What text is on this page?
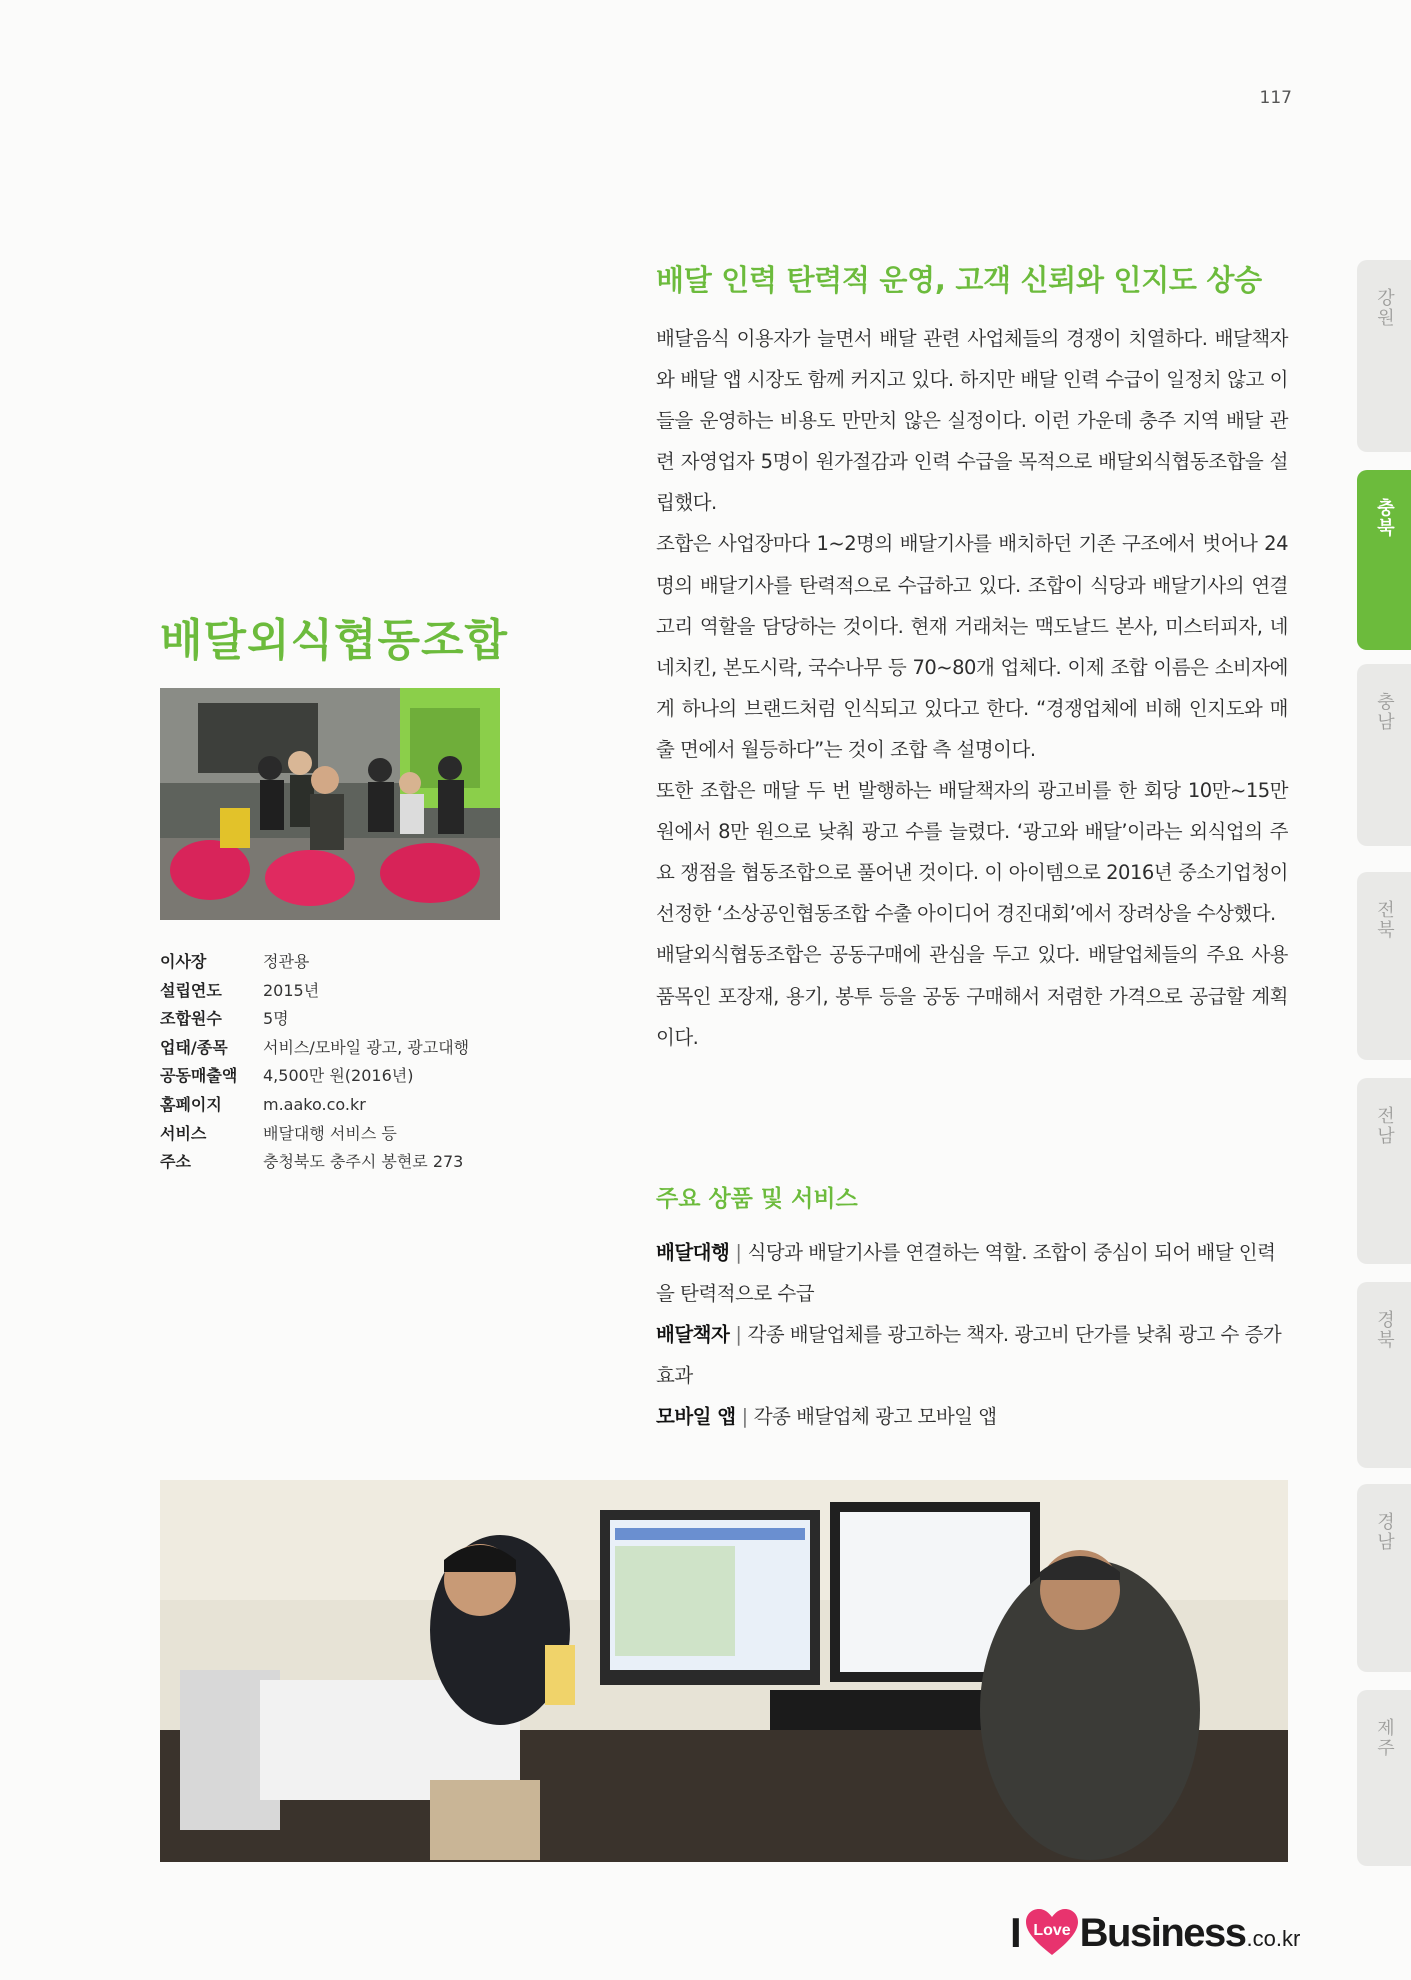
117
강원
충북
충남
전북
전남
경북
경남
제주
배달외식협동조합
이사장	정관용
설립연도	2015년
조합원수	5명
업태/종목	서비스/모바일 광고, 광고대행
공동매출액	4,500만 원(2016년)
홈페이지	m.aako.co.kr
서비스	배달대행 서비스 등
주소	충청북도 충주시 봉현로 273
배달 인력 탄력적 운영, 고객 신뢰와 인지도 상승

배달음식 이용자가 늘면서 배달 관련 사업체들의 경쟁이 치열하다. 배달책자와 배달 앱 시장도 함께 커지고 있다. 하지만 배달 인력 수급이 일정치 않고 이들을 운영하는 비용도 만만치 않은 실정이다. 이런 가운데 충주 지역 배달 관련 자영업자 5명이 원가절감과 인력 수급을 목적으로 배달외식협동조합을 설립했다.

조합은 사업장마다 1~2명의 배달기사를 배치하던 기존 구조에서 벗어나 24명의 배달기사를 탄력적으로 수급하고 있다. 조합이 식당과 배달기사의 연결고리 역할을 담당하는 것이다. 현재 거래처는 맥도날드 본사, 미스터피자, 네네치킨, 본도시락, 국수나무 등 70~80개 업체다. 이제 조합 이름은 소비자에게 하나의 브랜드처럼 인식되고 있다고 한다. “경쟁업체에 비해 인지도와 매출 면에서 월등하다”는 것이 조합 측 설명이다.

또한 조합은 매달 두 번 발행하는 배달책자의 광고비를 한 회당 10만~15만 원에서 8만 원으로 낮춰 광고 수를 늘렸다. ‘광고와 배달’이라는 외식업의 주요 쟁점을 협동조합으로 풀어낸 것이다. 이 아이템으로 2016년 중소기업청이 선정한 ‘소상공인협동조합 수출 아이디어 경진대회’에서 장려상을 수상했다.

배달외식협동조합은 공동구매에 관심을 두고 있다. 배달업체들의 주요 사용품목인 포장재, 용기, 봉투 등을 공동 구매해서 저렴한 가격으로 공급할 계획이다.

주요 상품 및 서비스

배달대행 | 식당과 배달기사를 연결하는 역할. 조합이 중심이 되어 배달 인력을 탄력적으로 수급

배달책자 | 각종 배달업체를 광고하는 책자. 광고비 단가를 낮춰 광고 수 증가 효과

모바일 앱 | 각종 배달업체 광고 모바일 앱

I Love Business .co.kr
